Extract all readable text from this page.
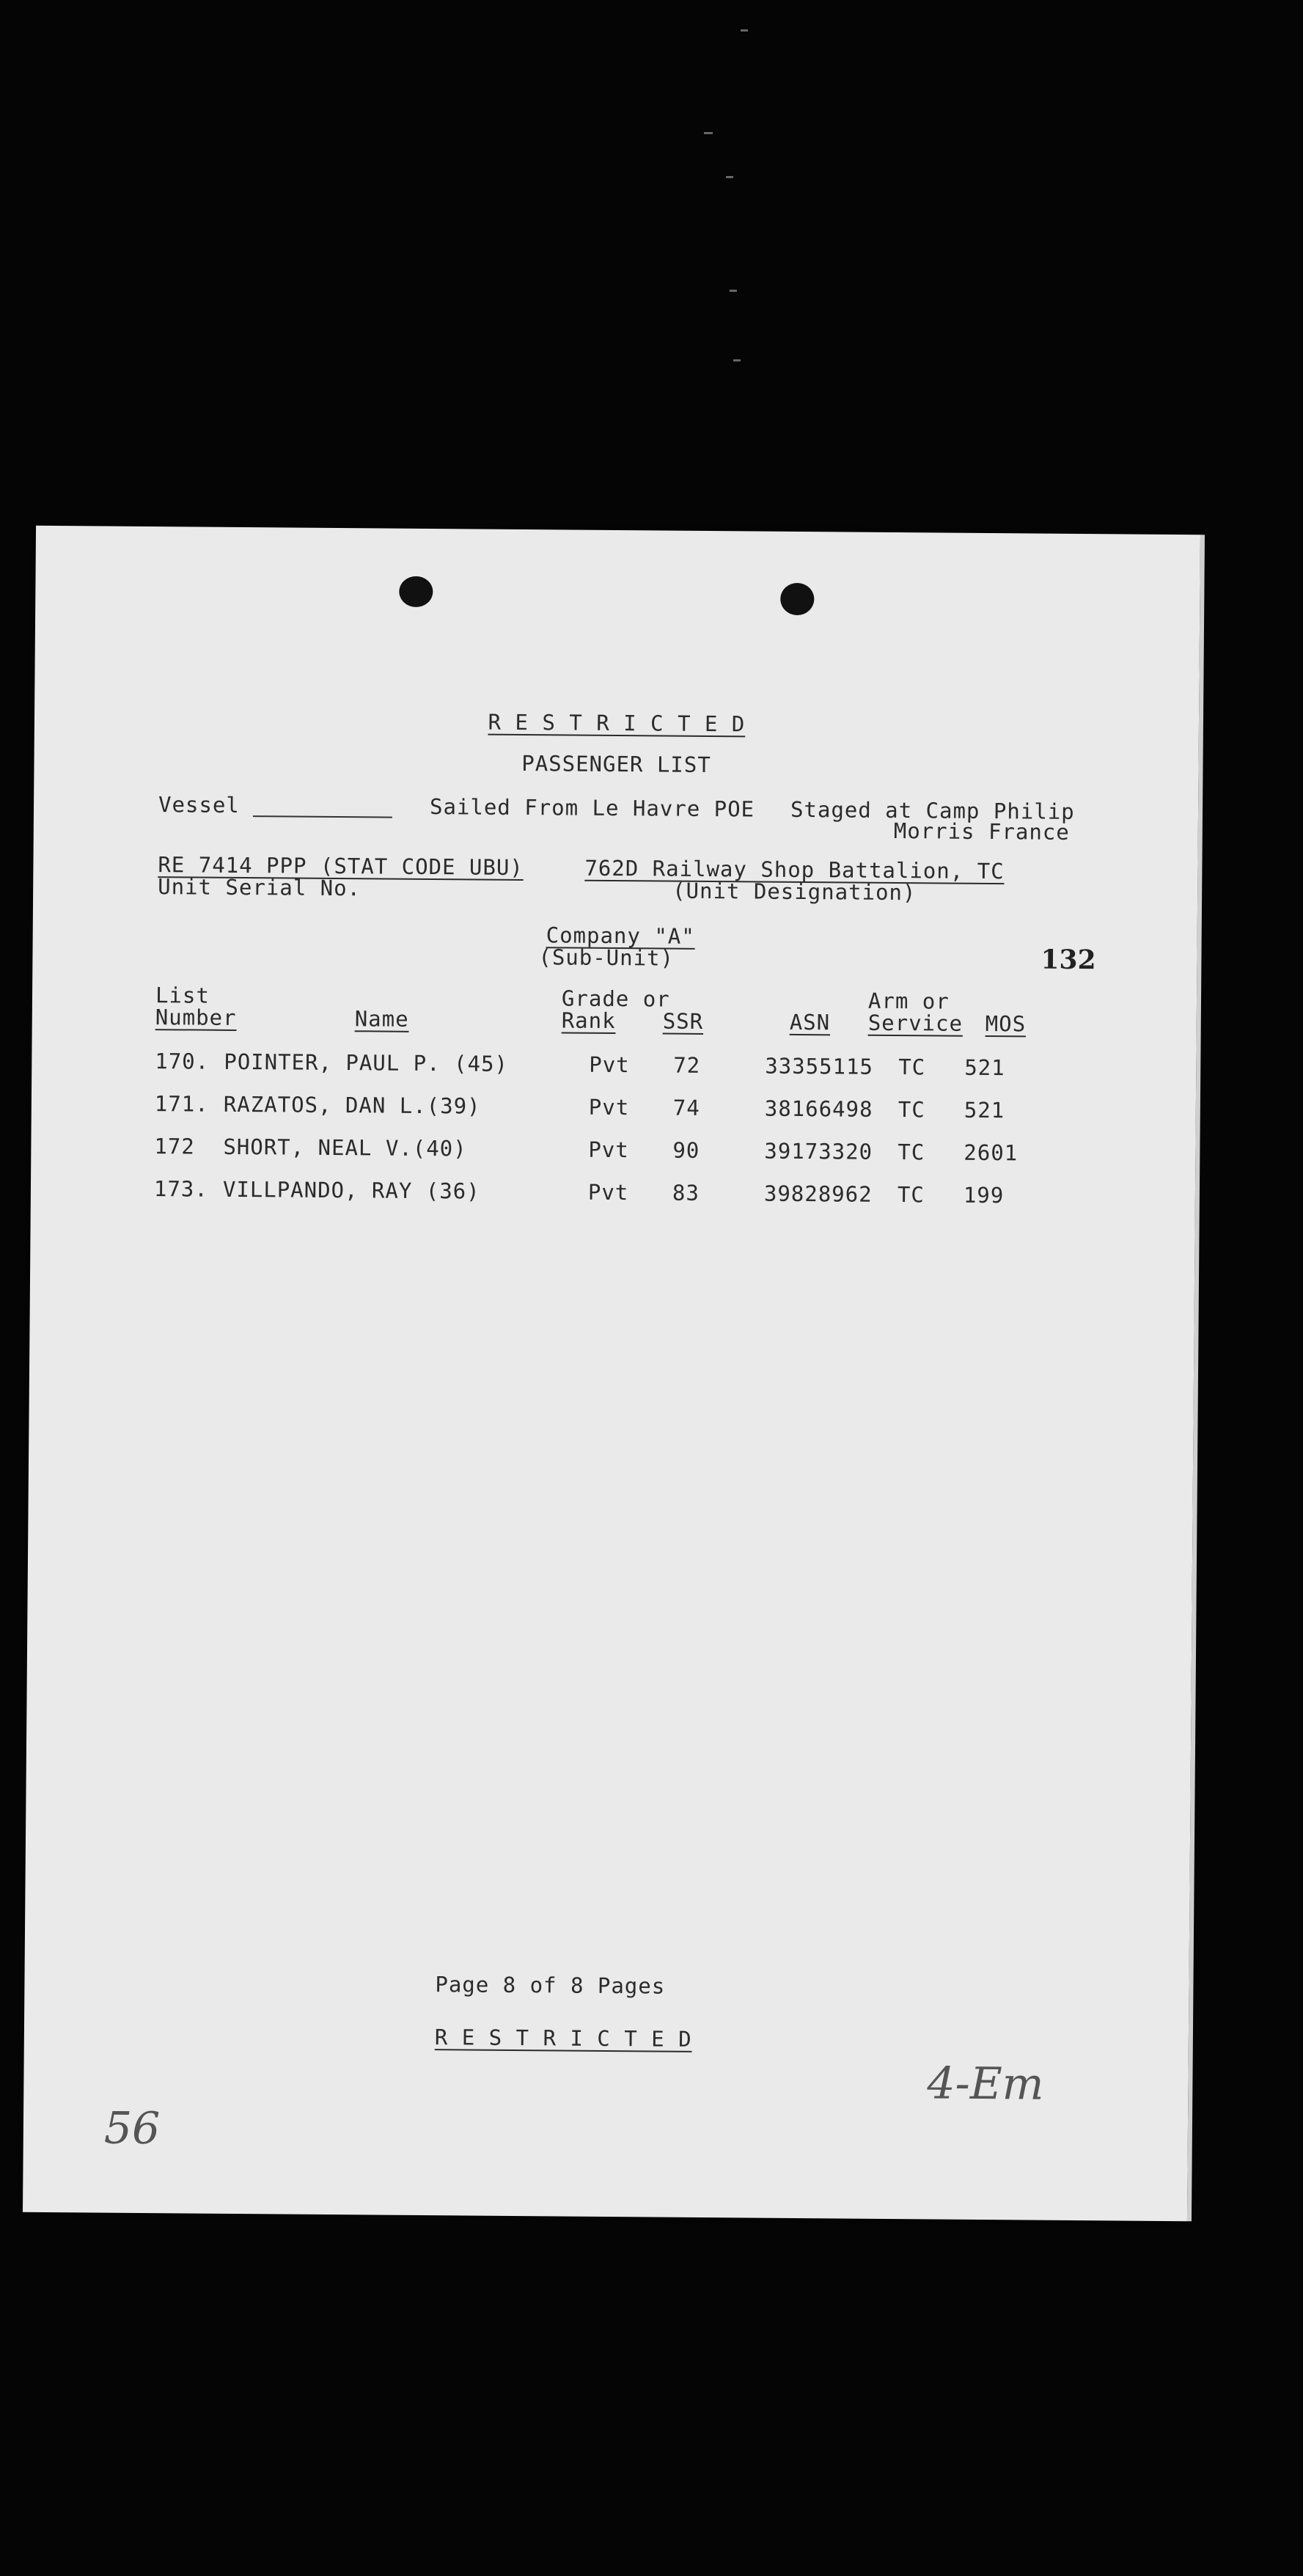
R E S T R I C T E D
PASSENGER LIST
Vessel	Sailed From Le Havre POE Staged at Camp Philip
Morris France
RE 7414 PPP (STAT CODE UBU)
Unit Serial No.
762D Railway Shop Battalion, TC
(Unit Designation)
Company "A"
(Sub-Unit)	132
List
Number	Name
Grade or
Rank SSR	ASN
Arm or
Service MOS
170. POINTER, PAUL P. (45)	Pvt 72	33355115 TC 521
171. RAZATOS, DAN L.(39)	Pvt 74	38166498 TC 521
172 SHORT, NEAL V.(40)	Pvt 90	39173320 TC 2601
173. VILLPANDO, RAY (36)	Pvt 83	39828962 TC 199
Page 8 of 8 Pages
R E S T R I C T E D
56
4-Em
